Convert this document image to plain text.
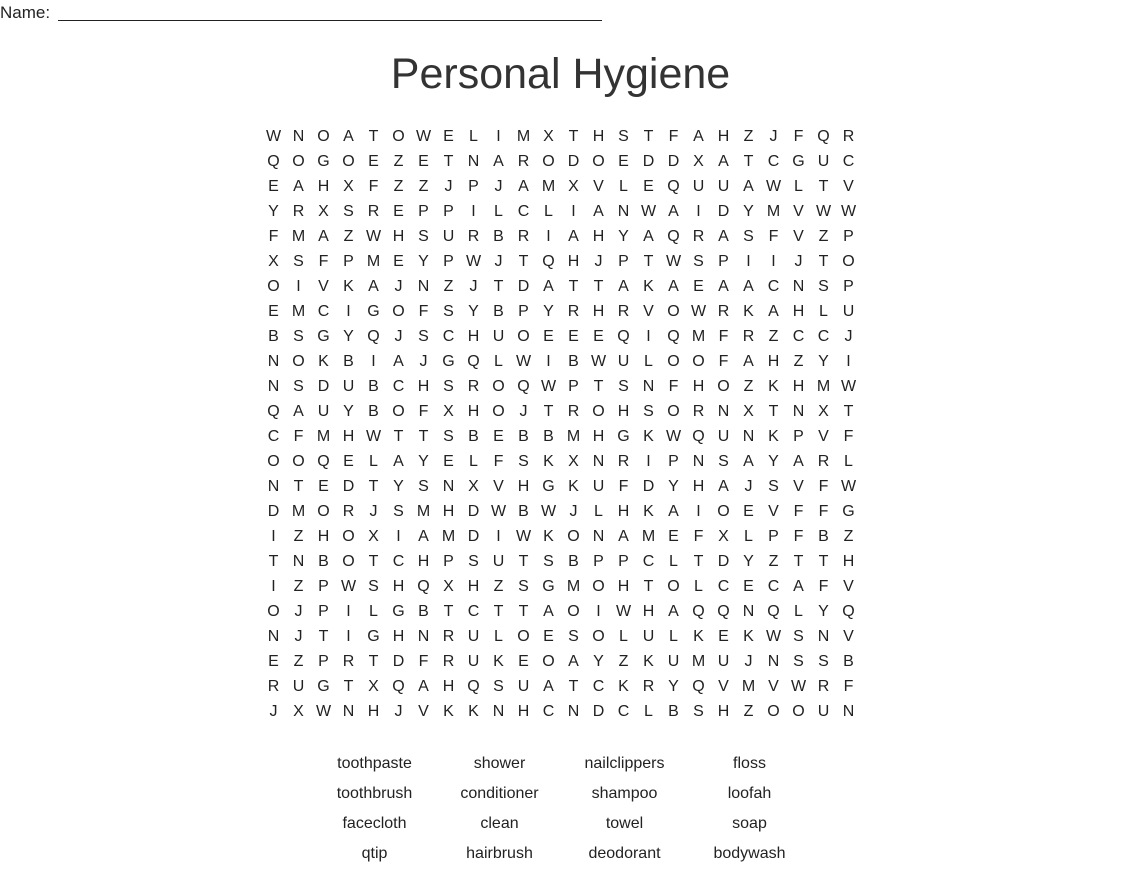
Name:
Personal Hygiene
W N O A T O W E L	I	M X T H S T F A H Z	J	F Q R
Q O G O E Z E T N A R O D O E D D X A T C G U C
E A H X F Z Z	J P J A M X V L E Q U U A W L T V
Y R X S R E P P	I	L C L	I	A N W A	I	D Y M V W W
F M A Z W H S U R B R	I	A H Y A Q R A S F V Z P
X S F P M E Y P W J	T Q H J P T W S P	I	I	J	T O
O	I	V K A J N Z	J	T D A T T A K A E A A C N S P
E M C	I	G O F S Y B P Y R H R V O W R K A H L U
B S G Y Q J S C H U O E E E Q	I	Q M F R Z C C J
N O K B	I	A J G Q L W I	B W U L O O F A H Z Y	I
N S D U B C H S R O Q W P T S N F H O Z K H M W
Q A U Y B O F X H O J	T R O H S O R N X T N X T
C F M H W T T S B E B B M H G K W Q U N K P V F
O O Q E L A Y E L F S K X N R	I	P N S A Y A R L
N T E D T Y S N X V H G K U F D Y H A J S V F W
D M O R J S M H D W B W J	L H K A	I	O E V F F G
I	Z H O X	I	A M D	I W K O N A M E F X L P F B Z
T N B O T C H P S U T S B P P C L T D Y Z T T H
I	Z P W S H Q X H Z S G M O H T O L C E C A F V
O J P	I	L G B T C T T A O	I W H A Q Q N Q L Y Q
N J	T	I	G H N R U L O E S O L U L K E K W S N V
E Z P R T D F R U K E O A Y Z K U M U J N S S B
R U G T X Q A H Q S U A T C K R Y Q V M V W R F
J X W N H J V K K N H C N D C L B S H Z O O U N
toothpaste	shower	nailclippers	floss
toothbrush	conditioner	shampoo	loofah
facecloth	clean	towel	soap
qtip	hairbrush	deodorant	bodywash
